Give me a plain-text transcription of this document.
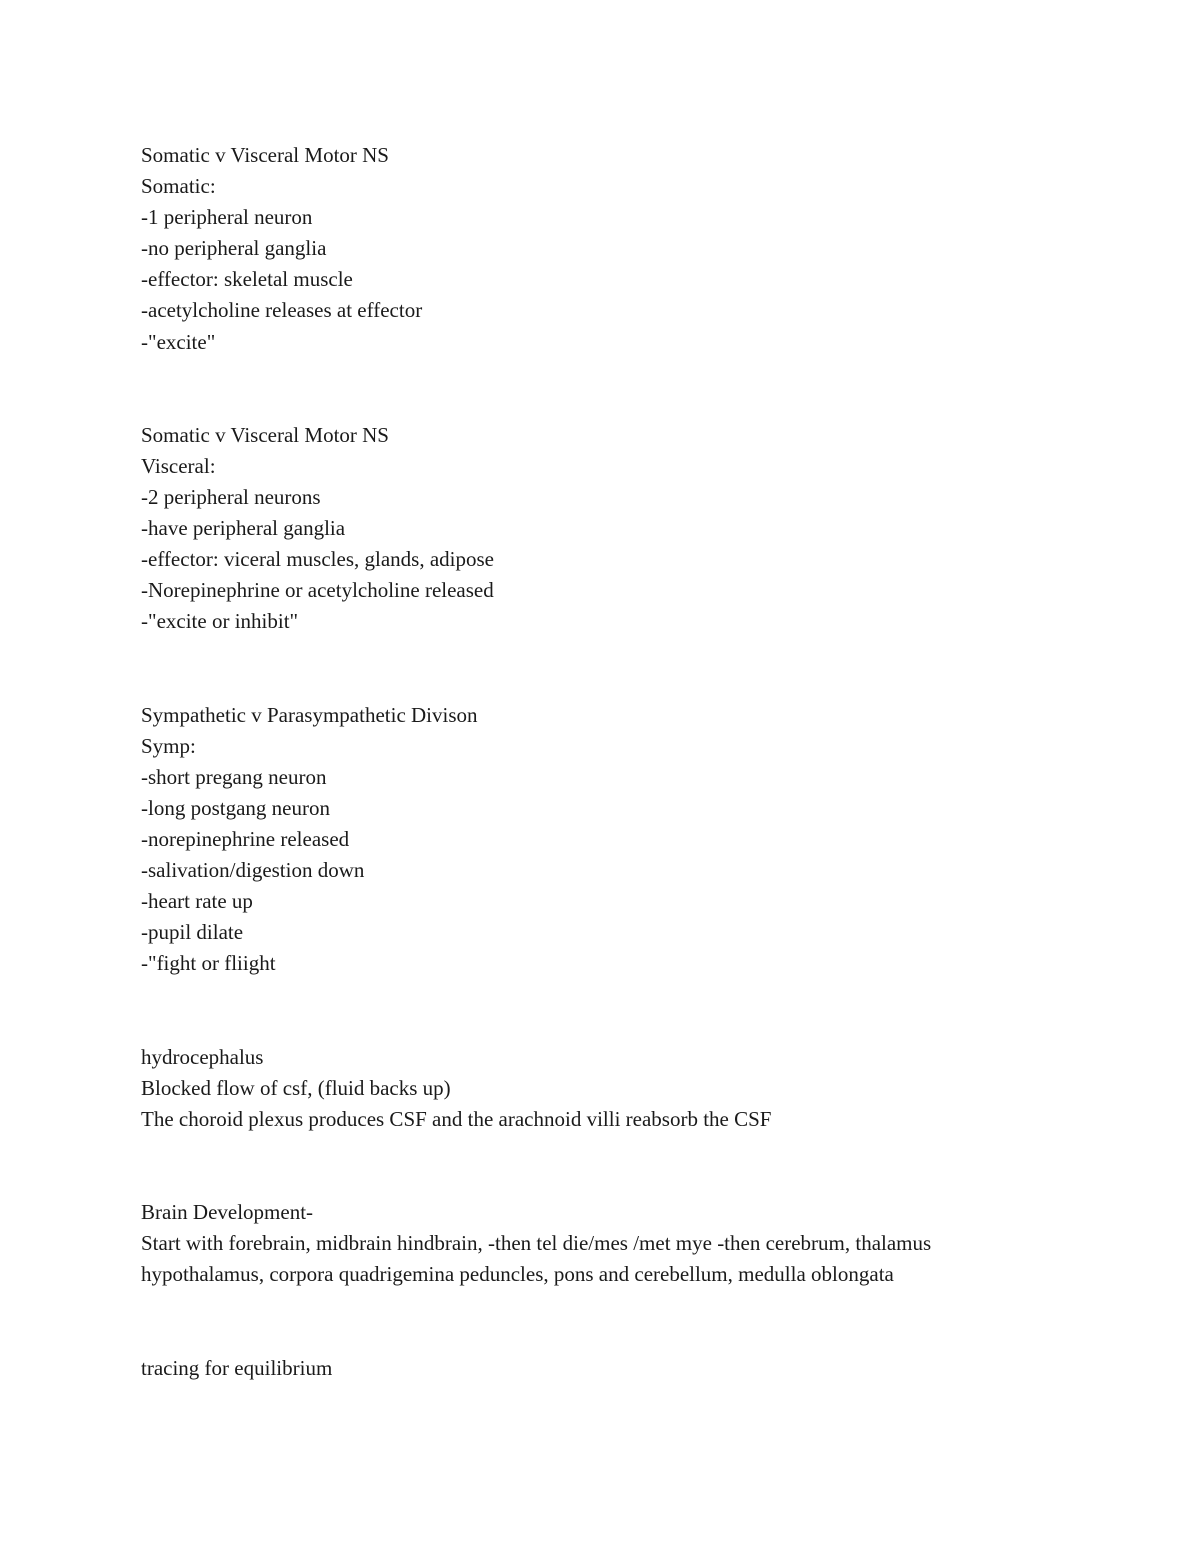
Somatic v Visceral Motor NS
Somatic:
-1 peripheral neuron
-no peripheral ganglia
-effector: skeletal muscle
-acetylcholine releases at effector
-"excite"
Somatic v Visceral Motor NS
Visceral:
-2 peripheral neurons
-have peripheral ganglia
-effector: viceral muscles, glands, adipose
-Norepinephrine or acetylcholine released
-"excite or inhibit"
Sympathetic v Parasympathetic Divison
Symp:
-short pregang neuron
-long postgang neuron
-norepinephrine released
-salivation/digestion down
-heart rate up
-pupil dilate
-"fight or fliight
hydrocephalus
Blocked flow of csf, (fluid backs up)
The choroid plexus produces CSF and the arachnoid villi reabsorb the CSF
Brain Development-
Start with forebrain, midbrain hindbrain, -then tel die/mes /met mye -then cerebrum, thalamus
hypothalamus, corpora quadrigemina peduncles, pons and cerebellum, medulla oblongata
tracing for equilibrium
